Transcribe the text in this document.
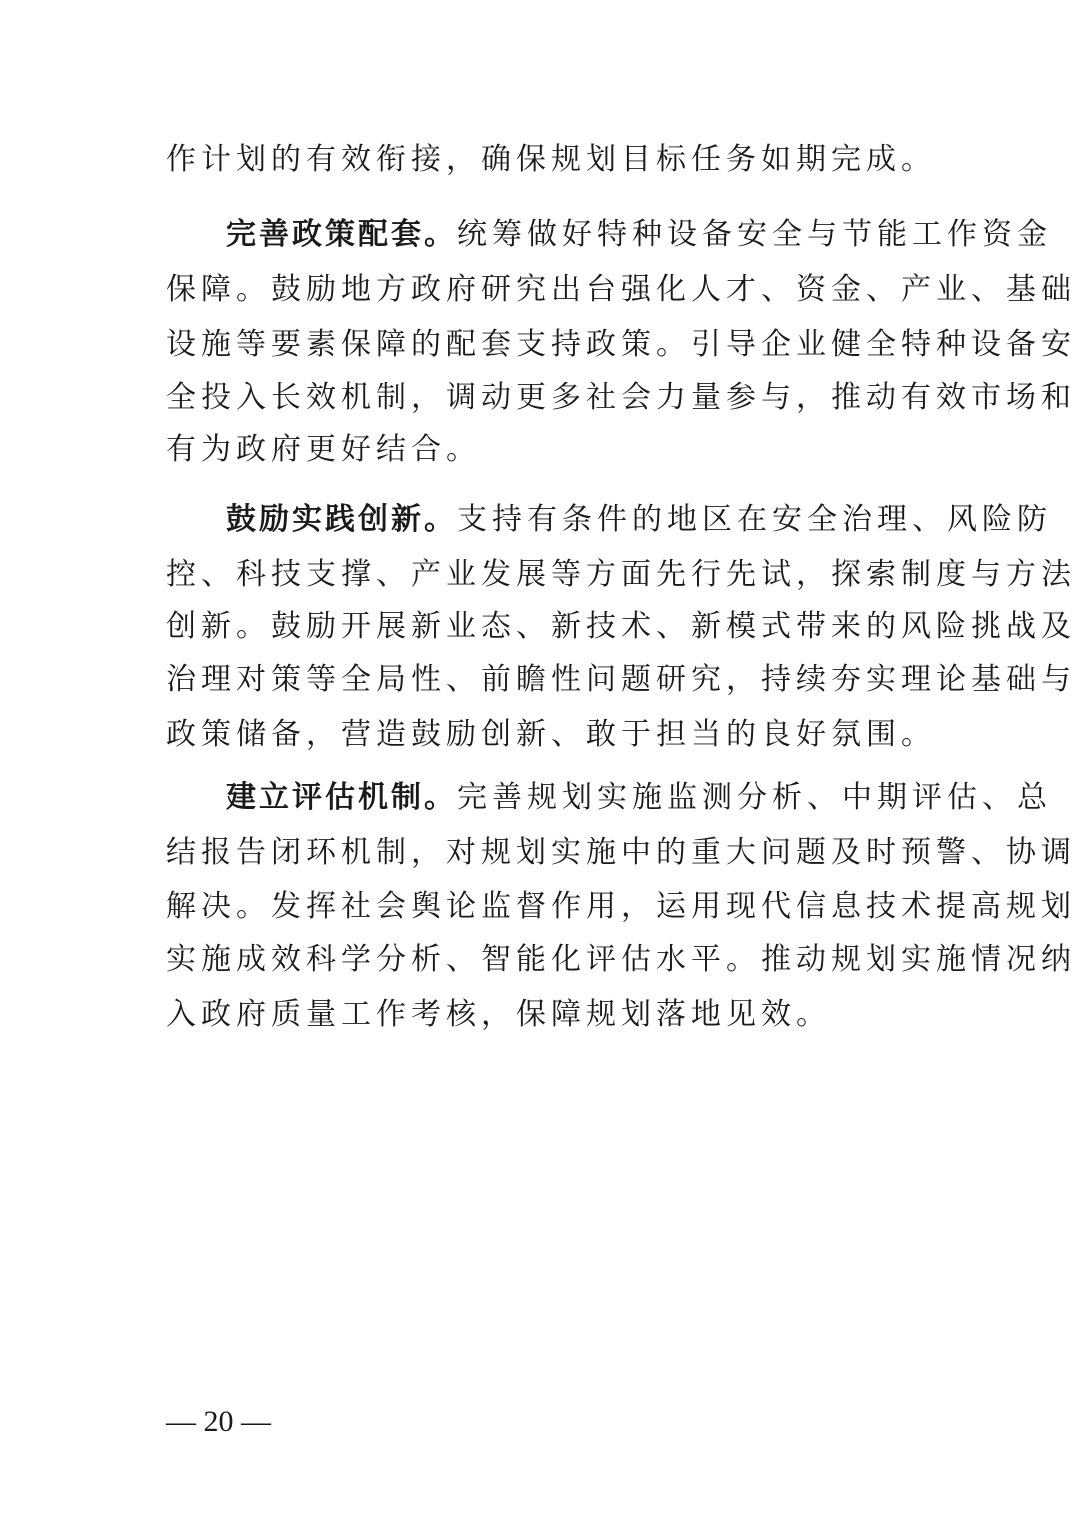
作计划的有效衔接，确保规划目标任务如期完成。
完善政策配套。统筹做好特种设备安全与节能工作资金
保障。鼓励地方政府研究出台强化人才、资金、产业、基础
设施等要素保障的配套支持政策。引导企业健全特种设备安
全投入长效机制，调动更多社会力量参与，推动有效市场和
有为政府更好结合。
鼓励实践创新。支持有条件的地区在安全治理、风险防
控、科技支撑、产业发展等方面先行先试，探索制度与方法
创新。鼓励开展新业态、新技术、新模式带来的风险挑战及
治理对策等全局性、前瞻性问题研究，持续夯实理论基础与
政策储备，营造鼓励创新、敢于担当的良好氛围。
建立评估机制。完善规划实施监测分析、中期评估、总
结报告闭环机制，对规划实施中的重大问题及时预警、协调
解决。发挥社会舆论监督作用，运用现代信息技术提高规划
实施成效科学分析、智能化评估水平。推动规划实施情况纳
入政府质量工作考核，保障规划落地见效。
— 20 —
